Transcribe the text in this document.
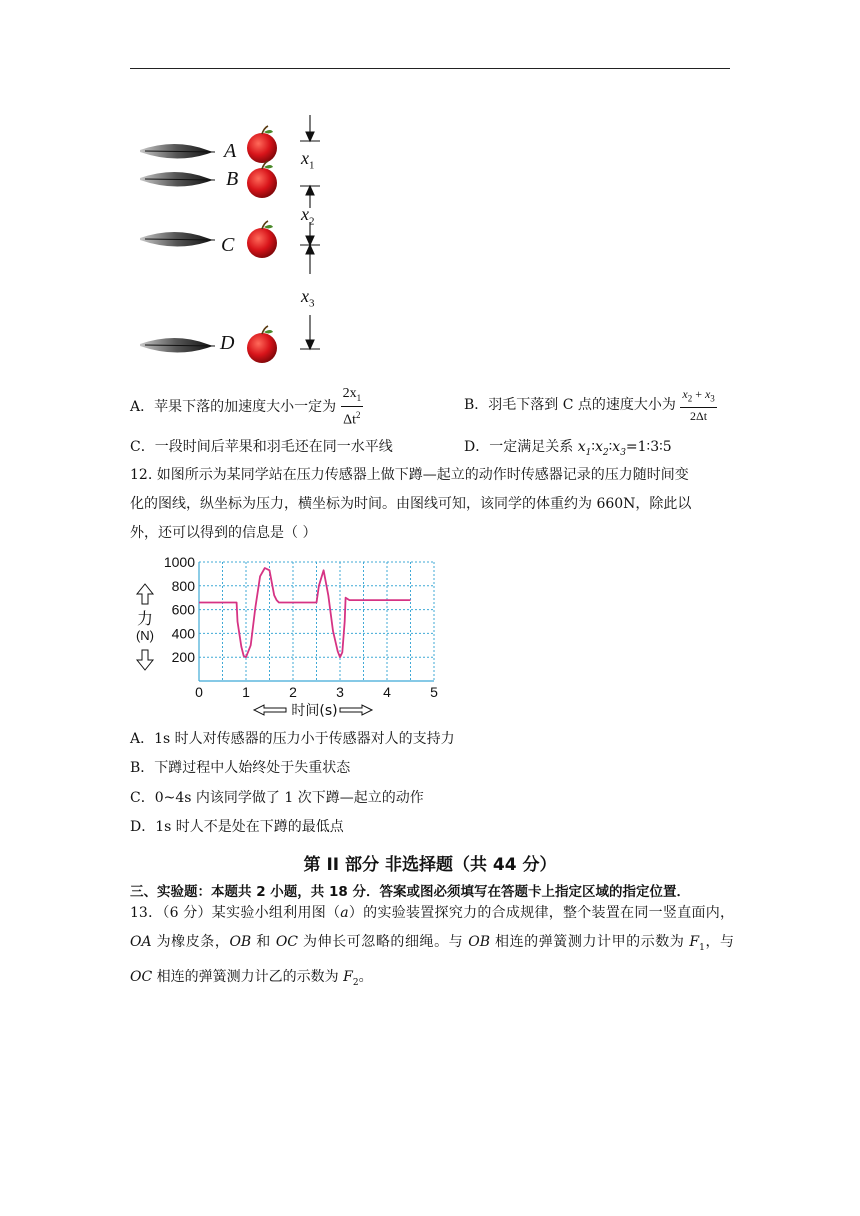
A
B
C
D
$x_1$
$x_2$
$x_3$
A．苹果下落的加速度大小一定为 $\frac{2x_1}{\Delta t^2}$	B．羽毛下落到 C 点的速度大小为 $\frac{x_2 + x_3}{2\Delta t}$
C．一段时间后苹果和羽毛还在同一水平线	D．一定满足关系 $x_1∶x_2∶x_3=1∶3∶5$
12. 如图所示为某同学站在压力传感器上做下蹲—起立的动作时传感器记录的压力随时间变
化的图线，纵坐标为压力，横坐标为时间。由图线可知，该同学的体重约为 660N，除此以
外，还可以得到的信息是（ ）
200
400
600
800
1000
0	1	2	3	4	5
时间(s)
力
(N)
A．1s 时人对传感器的压力小于传感器对人的支持力
B．下蹲过程中人始终处于失重状态
C．0~4s 内该同学做了 1 次下蹲—起立的动作
D．1s 时人不是处在下蹲的最低点
第 II 部分 非选择题（共 44 分）
三、实验题：本题共 2 小题，共 18 分．答案或图必须填写在答题卡上指定区域的指定位置．
13．（6 分）某实验小组利用图（a）的实验装置探究力的合成规律，整个装置在同一竖直面内，OA 为橡皮条，OB 和 OC 为伸长可忽略的细绳。与 OB 相连的弹簧测力计甲的示数为 $F_1$，与 OC 相连的弹簧测力计乙的示数为 $F_2$。
